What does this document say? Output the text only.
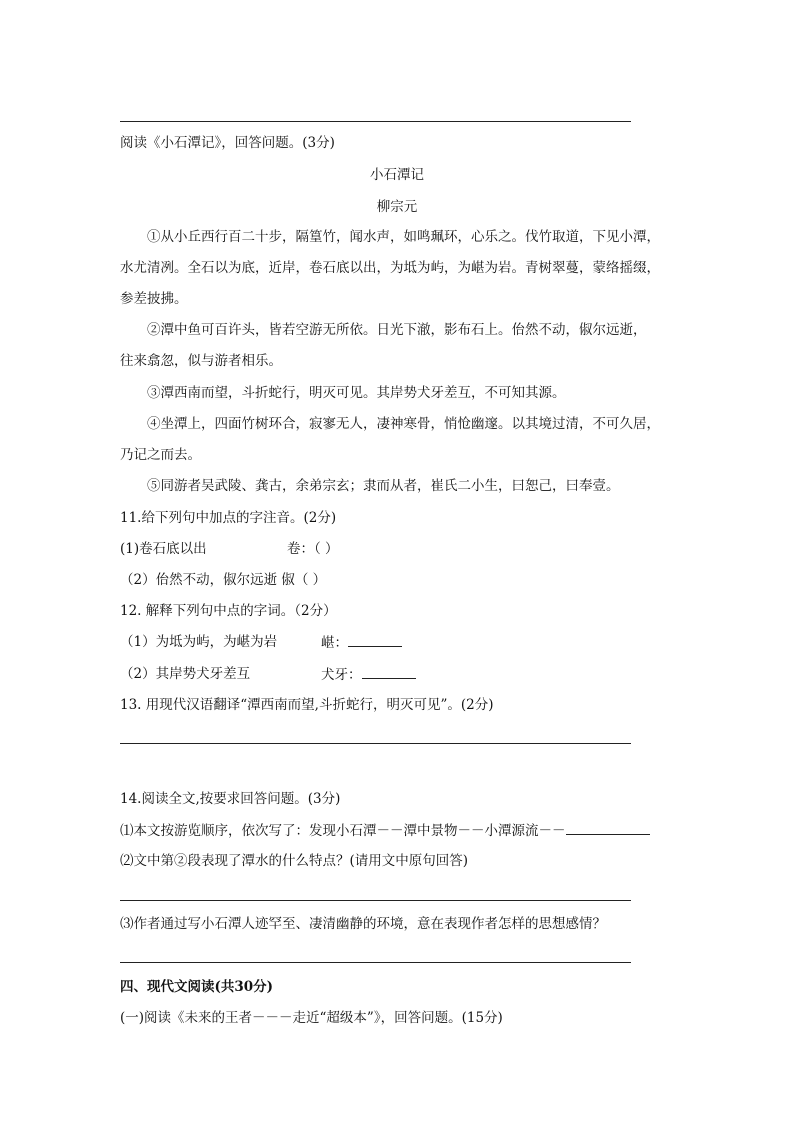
阅读《小石潭记》，回答问题。(3分)
小石潭记
柳宗元
①从小丘西行百二十步，隔篁竹，闻水声，如鸣珮环，心乐之。伐竹取道，下见小潭，
水尤清冽。全石以为底，近岸，卷石底以出，为坻为屿，为嵁为岩。青树翠蔓，蒙络摇缀，
参差披拂。
②潭中鱼可百许头，皆若空游无所依。日光下澈，影布石上。佁然不动，俶尔远逝，
往来翕忽，似与游者相乐。
③潭西南而望，斗折蛇行，明灭可见。其岸势犬牙差互，不可知其源。
④坐潭上，四面竹树环合，寂寥无人，凄神寒骨，悄怆幽邃。以其境过清，不可久居，
乃记之而去。
⑤同游者吴武陵、龚古，余弟宗玄；隶而从者，崔氏二小生，曰恕己，曰奉壹。
11.给下列句中加点的字注音。(2分)
(1)卷石底以出	卷：（ ）
（2）佁然不动，俶尔远逝 俶（ ）
12. 解释下列句中点的字词。（2分）
（1）为坻为屿，为嵁为岩	嵁：
（2）其岸势犬牙差互	犬牙：
13. 用现代汉语翻译“潭西南而望,斗折蛇行，明灭可见”。(2分)
14.阅读全文,按要求回答问题。(3分)
⑴本文按游览顺序，依次写了：发现小石潭－－潭中景物－－小潭源流－－
⑵文中第②段表现了潭水的什么特点？(请用文中原句回答)
⑶作者通过写小石潭人迹罕至、凄清幽静的环境，意在表现作者怎样的思想感情？
四、现代文阅读(共30分)
(一)阅读《未来的王者－－－走近“超级本”》，回答问题。(15分)
